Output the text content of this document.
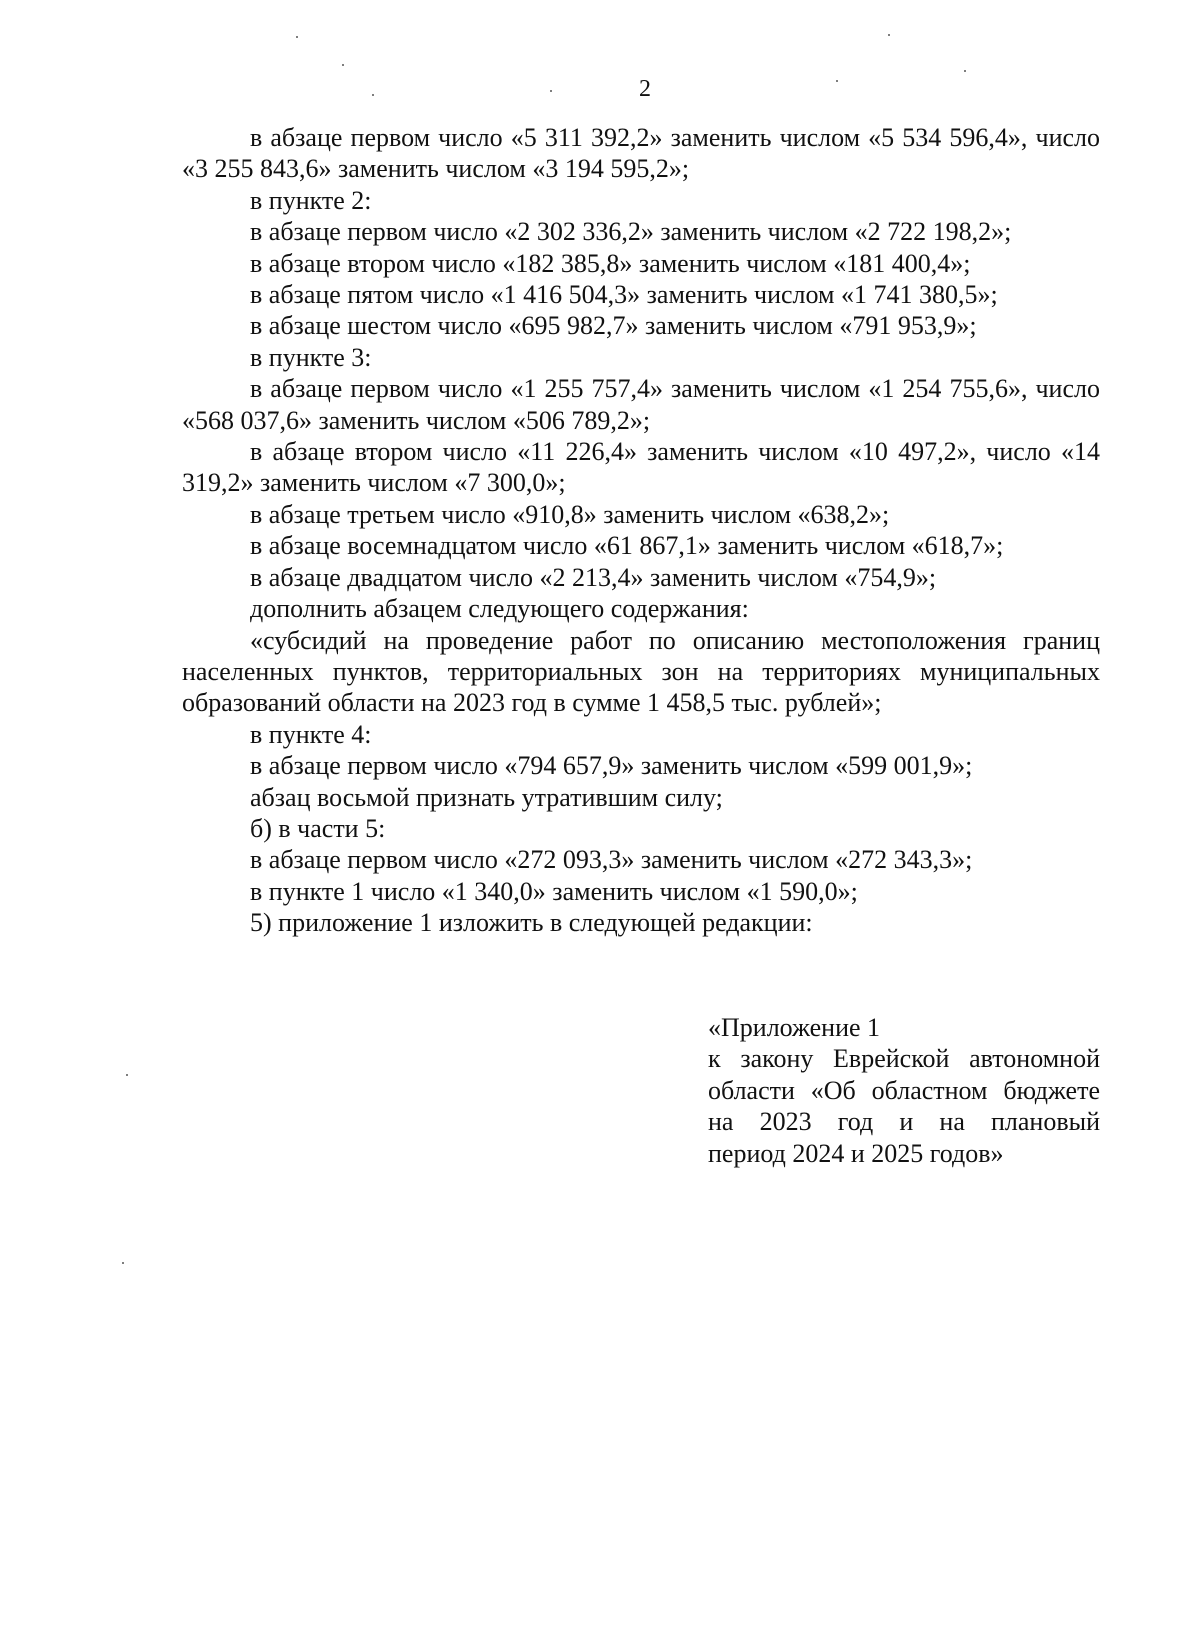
2
в абзаце первом число «5 311 392,2» заменить числом «5 534 596,4», число «3 255 843,6» заменить числом «3 194 595,2»;
в пункте 2:
в абзаце первом число «2 302 336,2» заменить числом «2 722 198,2»;
в абзаце втором число «182 385,8» заменить числом «181 400,4»;
в абзаце пятом число «1 416 504,3» заменить числом «1 741 380,5»;
в абзаце шестом число «695 982,7» заменить числом «791 953,9»;
в пункте 3:
в абзаце первом число «1 255 757,4» заменить числом «1 254 755,6», число «568 037,6» заменить числом «506 789,2»;
в абзаце втором число «11 226,4» заменить числом «10 497,2», число «14 319,2» заменить числом «7 300,0»;
в абзаце третьем число «910,8» заменить числом «638,2»;
в абзаце восемнадцатом число «61 867,1» заменить числом «618,7»;
в абзаце двадцатом число «2 213,4» заменить числом «754,9»;
дополнить абзацем следующего содержания:
«субсидий на проведение работ по описанию местоположения границ населенных пунктов, территориальных зон на территориях муниципальных образований области на 2023 год в сумме 1 458,5 тыс. рублей»;
в пункте 4:
в абзаце первом число «794 657,9» заменить числом «599 001,9»;
абзац восьмой признать утратившим силу;
б) в части 5:
в абзаце первом число «272 093,3» заменить числом «272 343,3»;
в пункте 1 число «1 340,0» заменить числом «1 590,0»;
5) приложение 1 изложить в следующей редакции:
«Приложение 1
к закону Еврейской автономной
области «Об областном бюджете
на 2023 год и на плановый
период 2024 и 2025 годов»
